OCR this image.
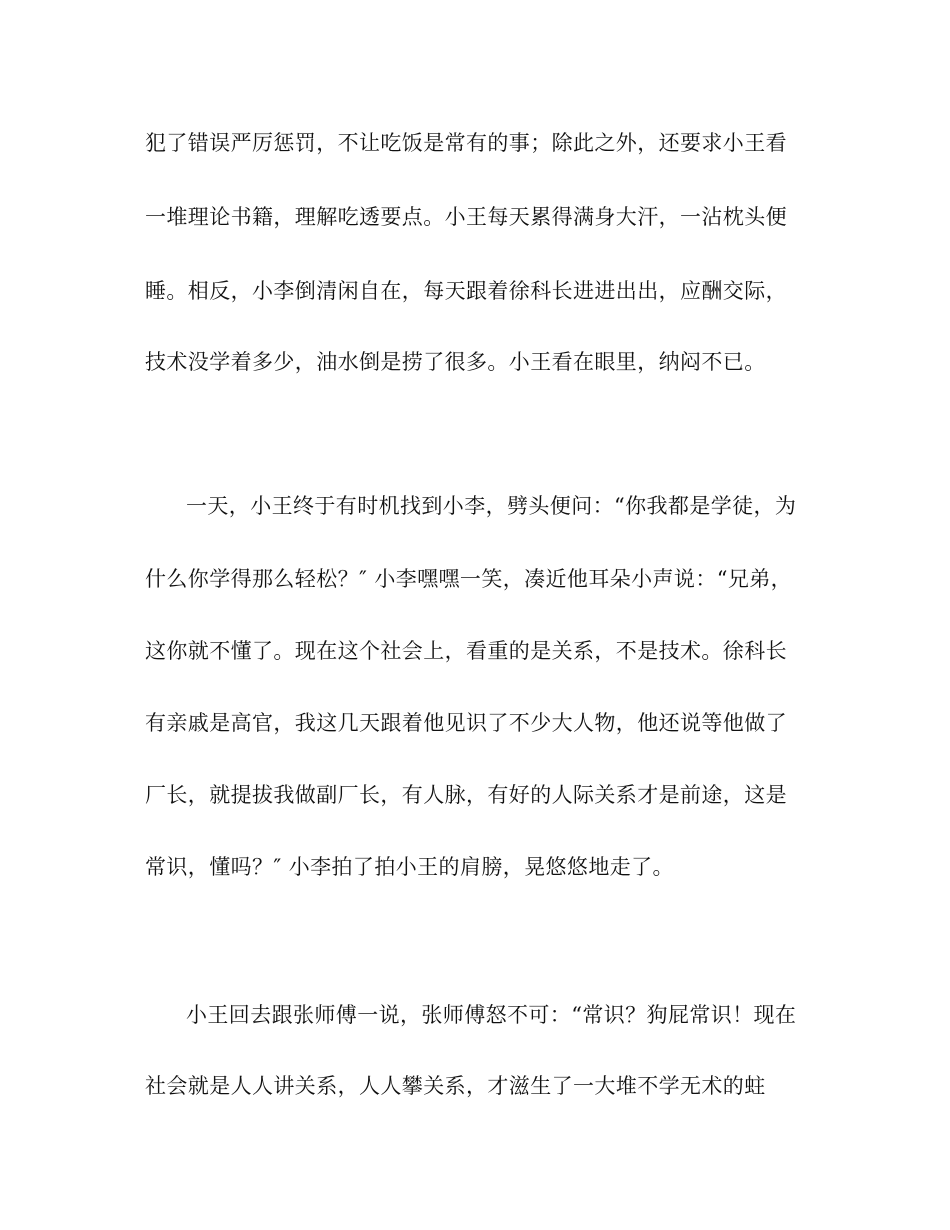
犯了错误严厉惩罚，不让吃饭是常有的事；除此之外，还要求小王看
一堆理论书籍，理解吃透要点。小王每天累得满身大汗，一沾枕头便
睡。相反，小李倒清闲自在，每天跟着徐科长进进出出，应酬交际，
技术没学着多少，油水倒是捞了很多。小王看在眼里，纳闷不已。
一天，小王终于有时机找到小李，劈头便问：“你我都是学徒，为
什么你学得那么轻松？″ 小李嘿嘿一笑，凑近他耳朵小声说：“兄弟，
这你就不懂了。现在这个社会上，看重的是关系，不是技术。徐科长
有亲戚是高官，我这几天跟着他见识了不少大人物，他还说等他做了
厂长，就提拔我做副厂长，有人脉，有好的人际关系才是前途，这是
常识，懂吗？″ 小李拍了拍小王的肩膀，晃悠悠地走了。
小王回去跟张师傅一说，张师傅怒不可：“常识？狗屁常识！现在
社会就是人人讲关系，人人攀关系，才滋生了一大堆不学无术的蛀
